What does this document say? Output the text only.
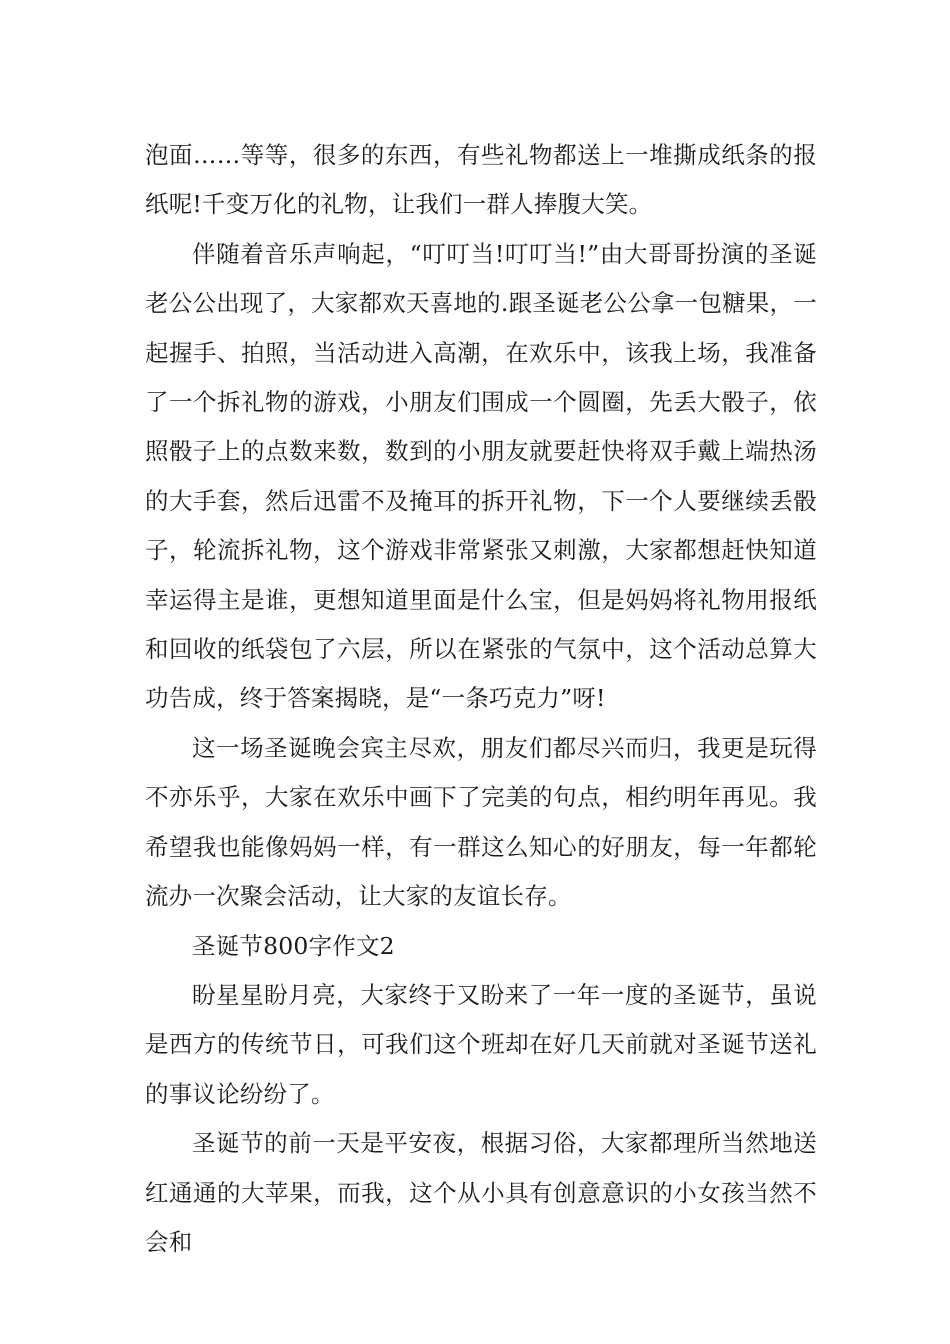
泡面……等等，很多的东西，有些礼物都送上一堆撕成纸条的报纸呢!千变万化的礼物，让我们一群人捧腹大笑。

伴随着音乐声响起，“叮叮当!叮叮当!”由大哥哥扮演的圣诞老公公出现了，大家都欢天喜地的.跟圣诞老公公拿一包糖果，一起握手、拍照，当活动进入高潮，在欢乐中，该我上场，我准备了一个拆礼物的游戏，小朋友们围成一个圆圈，先丢大骰子，依照骰子上的点数来数，数到的小朋友就要赶快将双手戴上端热汤的大手套，然后迅雷不及掩耳的拆开礼物，下一个人要继续丢骰子，轮流拆礼物，这个游戏非常紧张又刺激，大家都想赶快知道幸运得主是谁，更想知道里面是什么宝，但是妈妈将礼物用报纸和回收的纸袋包了六层，所以在紧张的气氛中，这个活动总算大功告成，终于答案揭晓，是“一条巧克力”呀!

这一场圣诞晚会宾主尽欢，朋友们都尽兴而归，我更是玩得不亦乐乎，大家在欢乐中画下了完美的句点，相约明年再见。我希望我也能像妈妈一样，有一群这么知心的好朋友，每一年都轮流办一次聚会活动，让大家的友谊长存。

圣诞节800字作文2

盼星星盼月亮，大家终于又盼来了一年一度的圣诞节，虽说是西方的传统节日，可我们这个班却在好几天前就对圣诞节送礼的事议论纷纷了。

圣诞节的前一天是平安夜，根据习俗，大家都理所当然地送红通通的大苹果，而我，这个从小具有创意意识的小女孩当然不会和
